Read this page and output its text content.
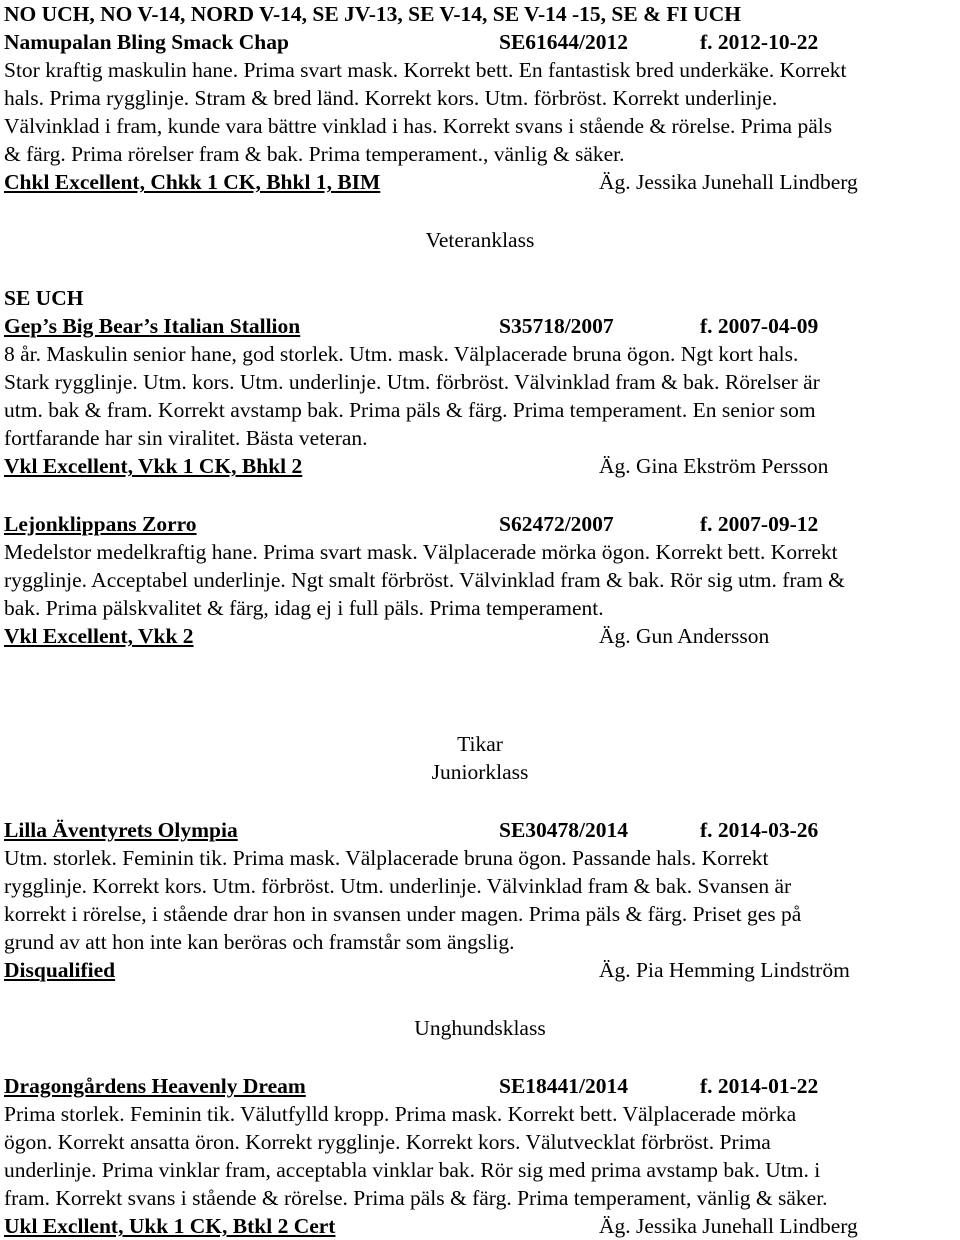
NO UCH, NO V-14, NORD V-14, SE JV-13, SE V-14, SE V-14 -15, SE & FI UCH
Namupalan Bling Smack Chap	SE61644/2012	f. 2012-10-22
Stor kraftig maskulin hane. Prima svart mask. Korrekt bett. En fantastisk bred underkäke. Korrekt
hals. Prima rygglinje. Stram & bred länd. Korrekt kors. Utm. förbröst. Korrekt underlinje.
Välvinklad i fram, kunde vara bättre vinklad i has. Korrekt svans i stående & rörelse. Prima päls
& färg. Prima rörelser fram & bak. Prima temperament., vänlig & säker.
Chkl Excellent, Chkk 1 CK, Bhkl 1, BIM	Äg. Jessika Junehall Lindberg
Veteranklass
SE UCH
Gep’s Big Bear’s Italian Stallion	S35718/2007	f. 2007-04-09
8 år. Maskulin senior hane, god storlek. Utm. mask. Välplacerade bruna ögon. Ngt kort hals.
Stark rygglinje. Utm. kors. Utm. underlinje. Utm. förbröst. Välvinklad fram & bak. Rörelser är
utm. bak & fram. Korrekt avstamp bak. Prima päls & färg. Prima temperament. En senior som
fortfarande har sin viralitet. Bästa veteran.
Vkl Excellent, Vkk 1 CK, Bhkl 2	Äg. Gina Ekström Persson
Lejonklippans Zorro	S62472/2007	f. 2007-09-12
Medelstor medelkraftig hane. Prima svart mask. Välplacerade mörka ögon. Korrekt bett. Korrekt
rygglinje. Acceptabel underlinje. Ngt smalt förbröst. Välvinklad fram & bak. Rör sig utm. fram &
bak. Prima pälskvalitet & färg, idag ej i full päls. Prima temperament.
Vkl Excellent, Vkk 2	Äg. Gun Andersson
Tikar
Juniorklass
Lilla Äventyrets Olympia	SE30478/2014	f. 2014-03-26
Utm. storlek. Feminin tik. Prima mask. Välplacerade bruna ögon. Passande hals. Korrekt
rygglinje. Korrekt kors. Utm. förbröst. Utm. underlinje. Välvinklad fram & bak. Svansen är
korrekt i rörelse, i stående drar hon in svansen under magen. Prima päls & färg. Priset ges på
grund av att hon inte kan beröras och framstår som ängslig.
Disqualified	Äg. Pia Hemming Lindström
Unghundsklass
Dragongårdens Heavenly Dream	SE18441/2014	f. 2014-01-22
Prima storlek. Feminin tik. Välutfylld kropp. Prima mask. Korrekt bett. Välplacerade mörka
ögon. Korrekt ansatta öron. Korrekt rygglinje. Korrekt kors. Välutvecklat förbröst. Prima
underlinje. Prima vinklar fram, acceptabla vinklar bak. Rör sig med prima avstamp bak. Utm. i
fram. Korrekt svans i stående & rörelse. Prima päls & färg. Prima temperament, vänlig & säker.
Ukl Excllent, Ukk 1 CK, Btkl 2 Cert	Äg. Jessika Junehall Lindberg
